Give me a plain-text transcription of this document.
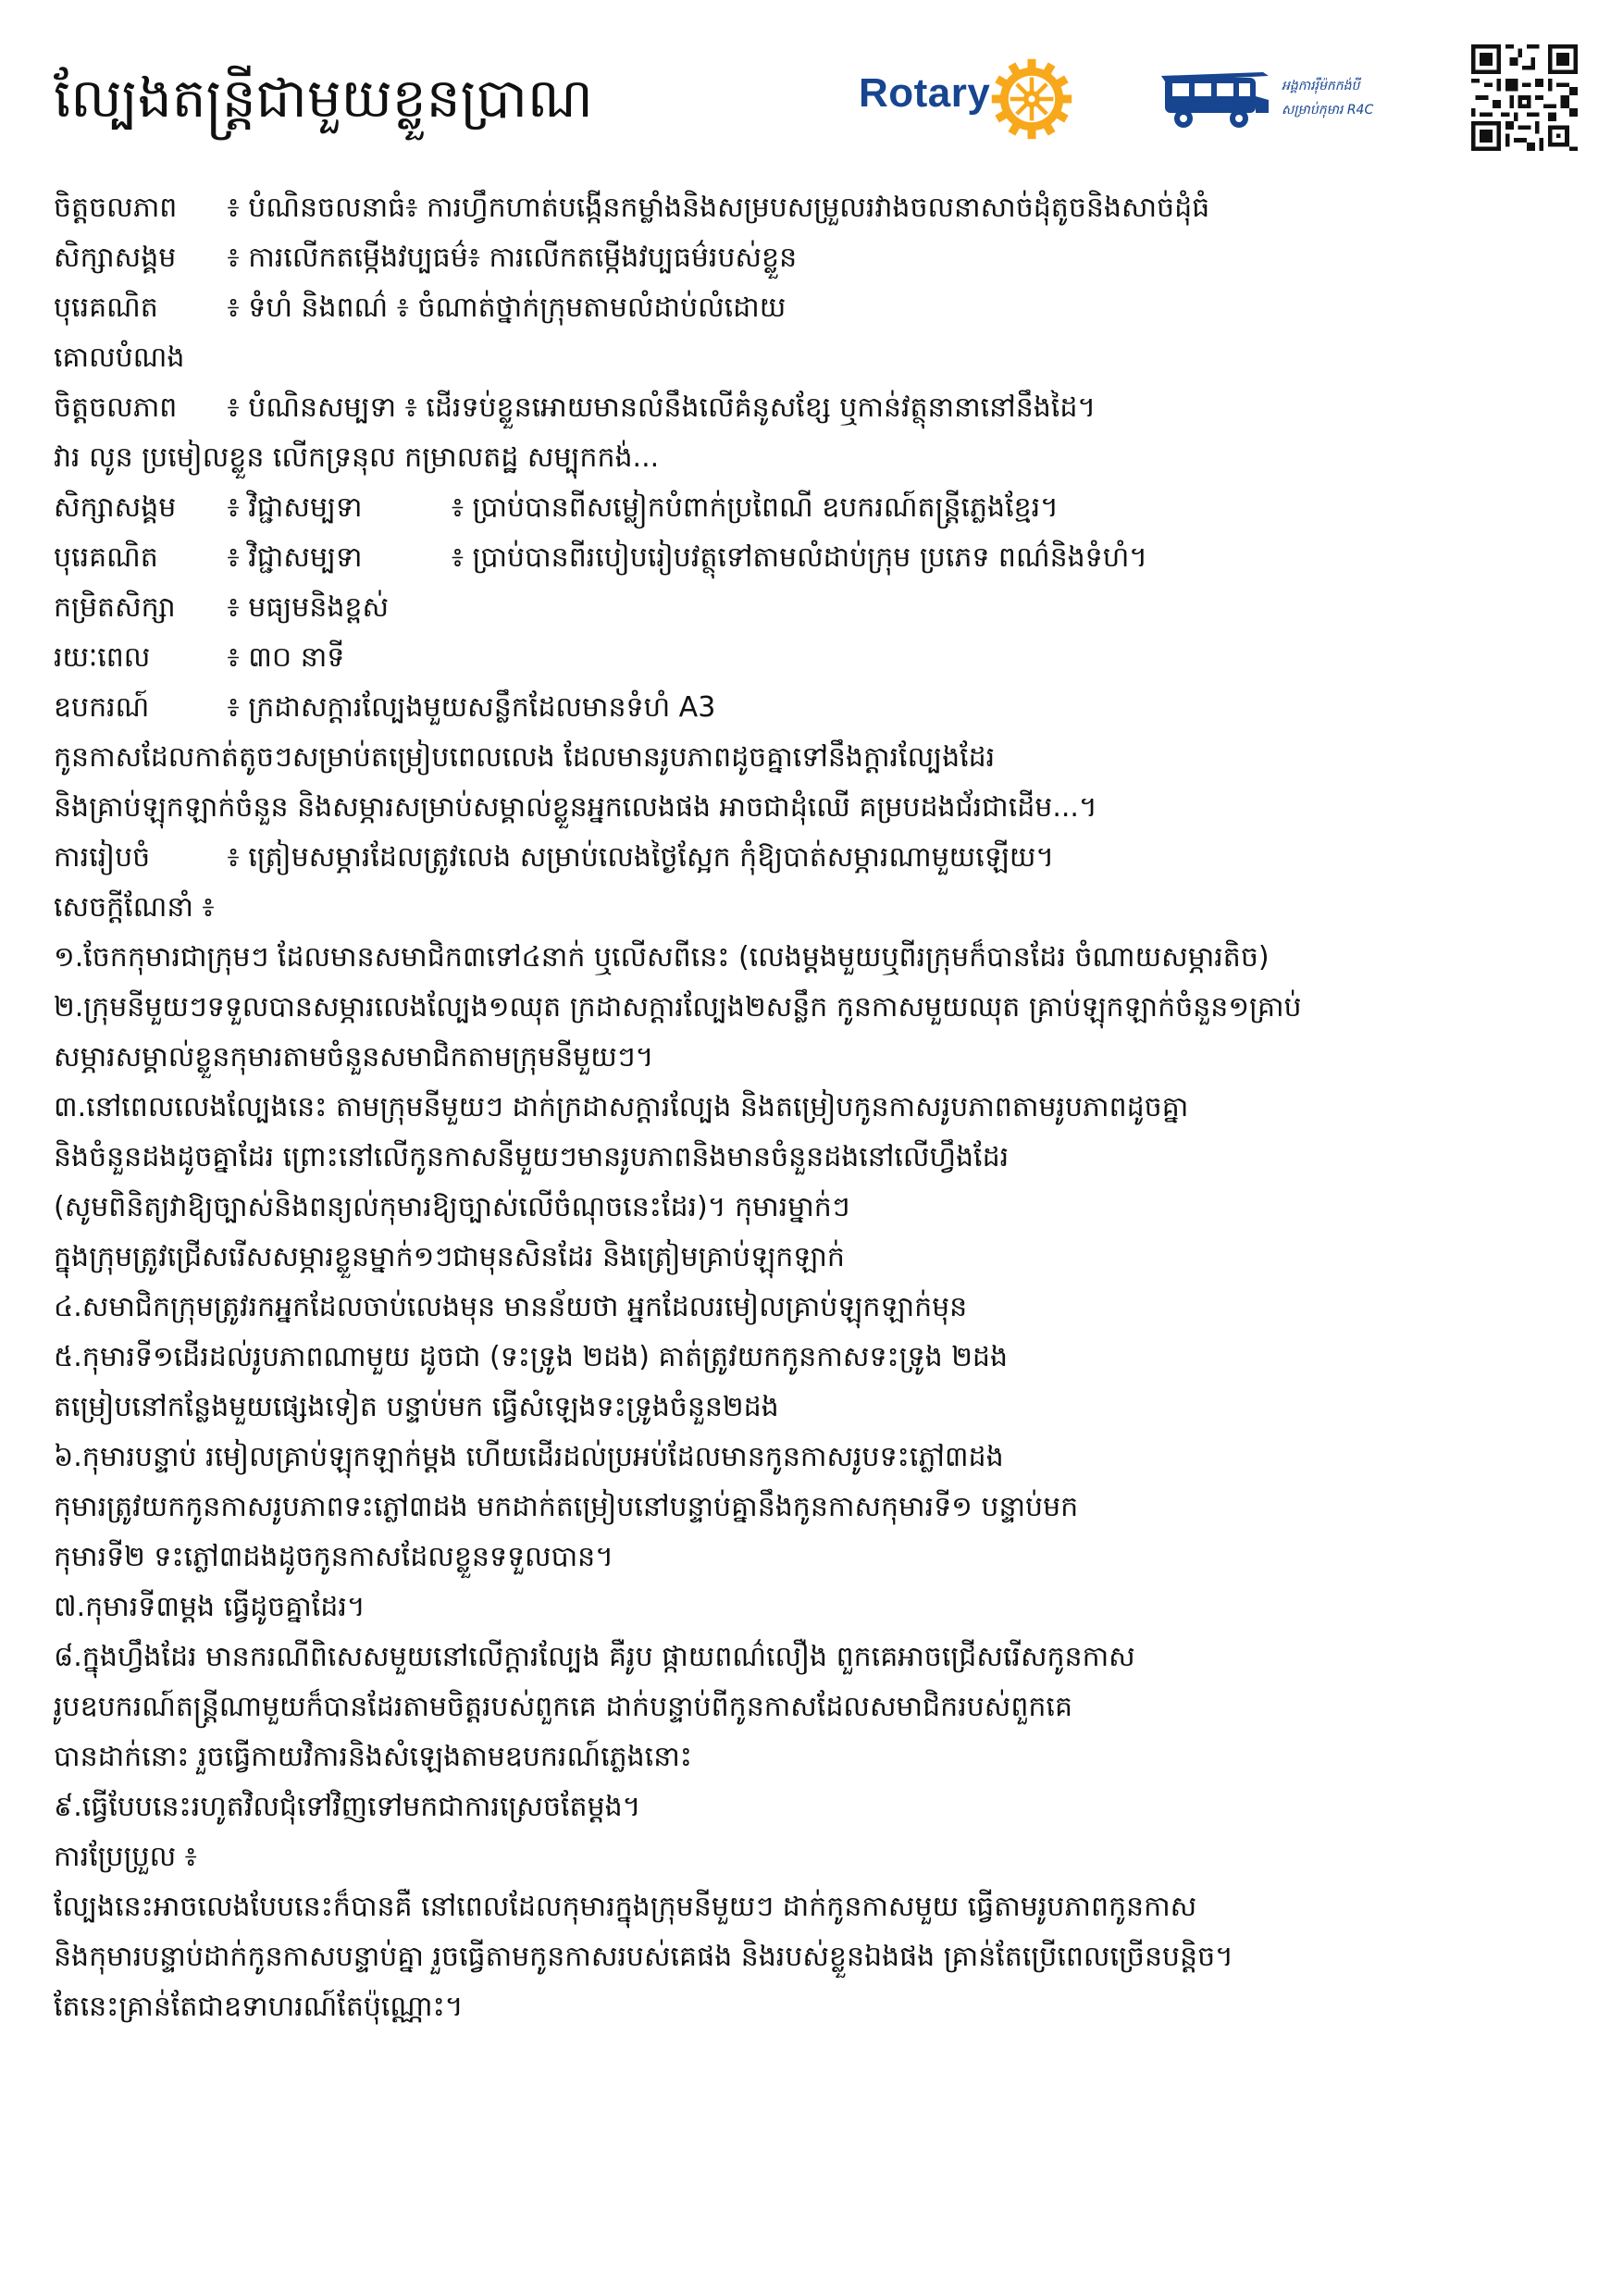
ល្បែងតន្ត្រីជាមួយខ្លួនប្រាណ	Rotary	អង្គការរ៉ឺម៉កកង់បី
សម្រាប់កុមារ R4C
ចិត្តចលភាព ៖ បំណិនចលនាធំ៖ ការហ្វឹកហាត់បង្កើនកម្លាំងនិងសម្របសម្រួលរវាងចលនាសាច់ដុំតូចនិងសាច់ដុំធំ
សិក្សាសង្គម ៖ ការលើកតម្កើងវប្បធម៌៖ ការលើកតម្កើងវប្បធម៌របស់ខ្លួន
បុរេគណិត ៖ ទំហំ និងពណ៌ ៖ ចំណាត់ថ្នាក់ក្រុមតាមលំដាប់លំដោយ
គោលបំណង
ចិត្តចលភាព ៖ បំណិនសម្បទា ៖ ដើរទប់ខ្លួនអោយមានលំនឹងលើគំនូសខ្សែ ឬកាន់វត្ថុនានានៅនឹងដៃ។
វារ លូន ប្រមៀលខ្លួន លើកទ្រនុល កម្រាលតដ្ឋ សម្បុកកង់...
សិក្សាសង្គម ៖ វិជ្ជាសម្បទា	៖ ប្រាប់បានពីសម្លៀកបំពាក់ប្រពៃណី ឧបករណ៍តន្ត្រីភ្លេងខ្មែរ។
បុរេគណិត ៖ វិជ្ជាសម្បទា	៖ ប្រាប់បានពីរបៀបរៀបវត្ថុទៅតាមលំដាប់ក្រុម ប្រភេទ ពណ៌និងទំហំ។
កម្រិតសិក្សា ៖ មធ្យមនិងខ្ពស់
រយៈពេល	៖ ៣០ នាទី
ឧបករណ៍	៖ ក្រដាសក្ដារល្បែងមួយសន្លឹកដែលមានទំហំ A3
កូនកាសដែលកាត់តូចៗសម្រាប់តម្រៀបពេលលេង ដែលមានរូបភាពដូចគ្នាទៅនឹងក្ដារល្បែងដែរ
និងគ្រាប់ឡុកឡាក់ចំនួន និងសម្ភារសម្រាប់សម្គាល់ខ្លួនអ្នកលេងផង អាចជាដុំឈើ គម្របដងជ័រជាដើម...។
ការរៀបចំ	៖ ត្រៀមសម្ភារដែលត្រូវលេង សម្រាប់លេងថ្ងៃស្អែក កុំឱ្យបាត់សម្ភារណាមួយឡើយ។
សេចក្ដីណែនាំ ៖
១.ចែកកុមារជាក្រុមៗ ដែលមានសមាជិក៣ទៅ៤នាក់ ឬលើសពីនេះ (លេងម្ដងមួយឬពីរក្រុមក៏បានដែរ ចំណាយសម្ភារតិច)
២.ក្រុមនីមួយៗទទួលបានសម្ភារលេងល្បែង១ឈុត ក្រដាសក្ដារល្បែង២សន្លឹក កូនកាសមួយឈុត គ្រាប់ឡុកឡាក់ចំនួន១គ្រាប់
សម្ភារសម្គាល់ខ្លួនកុមារតាមចំនួនសមាជិកតាមក្រុមនីមួយៗ។
៣.នៅពេលលេងល្បែងនេះ តាមក្រុមនីមួយៗ ដាក់ក្រដាសក្ដារល្បែង និងតម្រៀបកូនកាសរូបភាពតាមរូបភាពដូចគ្នា
និងចំនួនដងដូចគ្នាដែរ ព្រោះនៅលើកូនកាសនីមួយៗមានរូបភាពនិងមានចំនួនដងនៅលើហ្វឹងដែរ
(សូមពិនិត្យវាឱ្យច្បាស់និងពន្យល់កុមារឱ្យច្បាស់លើចំណុចនេះដែរ)។ កុមារម្នាក់ៗ
ក្នុងក្រុមត្រូវជ្រើសរើសសម្ភារខ្លួនម្នាក់១ៗជាមុនសិនដែរ និងត្រៀមគ្រាប់ឡុកឡាក់
៤.សមាជិកក្រុមត្រូវរកអ្នកដែលចាប់លេងមុន មានន័យថា អ្នកដែលរមៀលគ្រាប់ឡុកឡាក់មុន
៥.កុមារទី១ដើរដល់រូបភាពណាមួយ ដូចជា (ទះទ្រូង ២ដង) គាត់ត្រូវយកកូនកាសទះទ្រូង ២ដង
តម្រៀបនៅកន្លែងមួយផ្សេងទៀត បន្ទាប់មក ធ្វើសំឡេងទះទ្រូងចំនួន២ដង
៦.កុមារបន្ទាប់ រមៀលគ្រាប់ឡុកឡាក់ម្ដង ហើយដើរដល់ប្រអប់ដែលមានកូនកាសរូបទះភ្លៅ៣ដង
កុមារត្រូវយកកូនកាសរូបភាពទះភ្លៅ៣ដង មកដាក់តម្រៀបនៅបន្ទាប់គ្នានឹងកូនកាសកុមារទី១ បន្ទាប់មក
កុមារទី២ ទះភ្លៅ៣ដងដូចកូនកាសដែលខ្លួនទទួលបាន។
៧.កុមារទី៣ម្ដង ធ្វើដូចគ្នាដែរ។
៨.ក្នុងហ្វឹងដែរ មានករណីពិសេសមួយនៅលើក្ដារល្បែង គឺរូប ផ្កាយពណ៌លឿង ពួកគេអាចជ្រើសរើសកូនកាស
រូបឧបករណ៍តន្ត្រីណាមួយក៏បានដែរតាមចិត្តរបស់ពួកគេ ដាក់បន្ទាប់ពីកូនកាសដែលសមាជិករបស់ពួកគេ
បានដាក់នោះ រួចធ្វើកាយវិការនិងសំឡេងតាមឧបករណ៍ភ្លេងនោះ
៩.ធ្វើបែបនេះរហូតវិលជុំទៅវិញទៅមកជាការស្រេចតែម្ដង។
ការប្រែប្រួល ៖
ល្បែងនេះអាចលេងបែបនេះក៏បានគឺ នៅពេលដែលកុមារក្នុងក្រុមនីមួយៗ ដាក់កូនកាសមួយ ធ្វើតាមរូបភាពកូនកាស
និងកុមារបន្ទាប់ដាក់កូនកាសបន្ទាប់គ្នា រួចធ្វើតាមកូនកាសរបស់គេផង និងរបស់ខ្លួនឯងផង គ្រាន់តែប្រើពេលច្រើនបន្តិច។
តែនេះគ្រាន់តែជាឧទាហរណ៍តែប៉ុណ្ណោះ។
